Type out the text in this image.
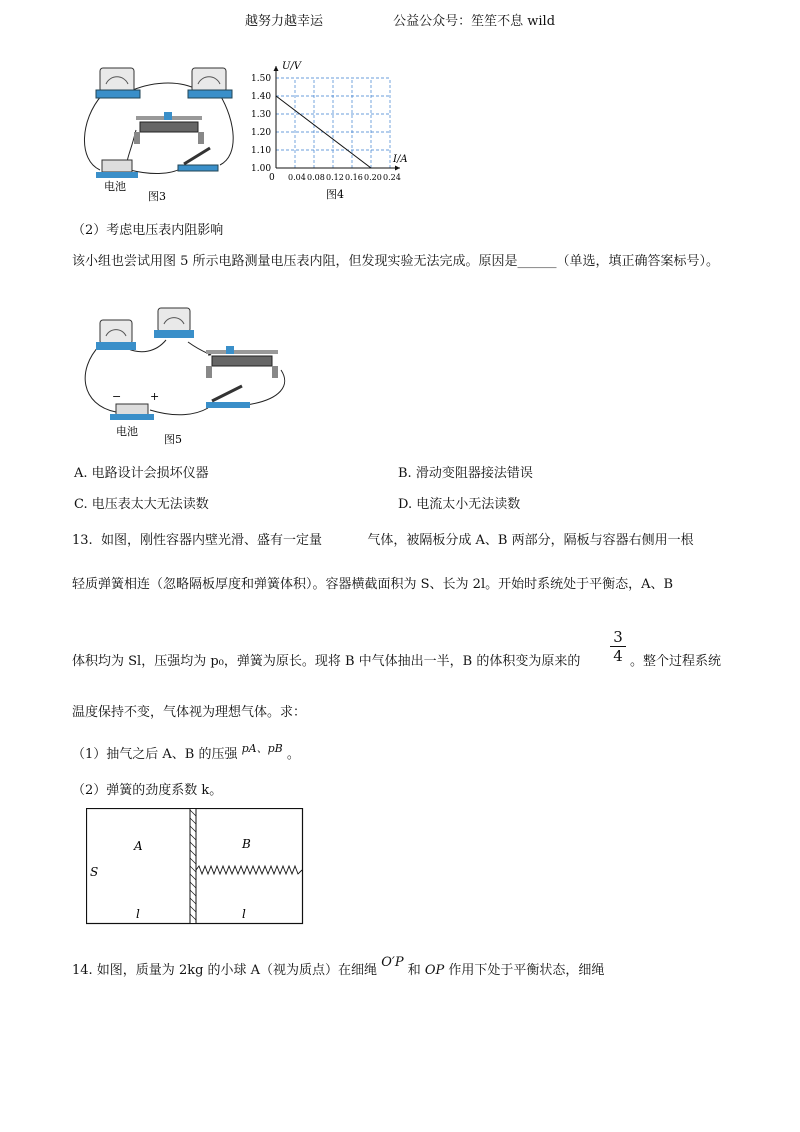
越努力越幸运	公益公众号：笙笙不息 wild
电池
图3
0.04 0.08 0.12 0.16 0.20 0.24
1.00
1.10
1.20
1.30
1.40
1.50
U/V
I/A
0
图4
（2）考虑电压表内阻影响
该小组也尝试用图 5 所示电路测量电压表内阻，但发现实验无法完成。原因是______（单选，填正确答案标号）。
−	+
电池
图5
A. 电路设计会损坏仪器	B. 滑动变阻器接法错误
C. 电压表太大无法读数	D. 电流太小无法读数
13.  如图，刚性容器内壁光滑、盛有一定量           气体，被隔板分成 A、B 两部分，隔板与容器右侧用一根
轻质弹簧相连（忽略隔板厚度和弹簧体积）。容器横截面积为 S、长为 2l。开始时系统处于平衡态，A、B
体积均为 Sl，压强均为 p₀，弹簧为原长。现将 B 中气体抽出一半，B 的体积变为原来的 $\frac{3}{4}$ 。整个过程系统
温度保持不变，气体视为理想气体。求：
（1）抽气之后 A、B 的压强 $^{pA、pB}$ 。
（2）弹簧的劲度系数 k。
A	B
S
l	l
14. 如图，质量为 2kg 的小球 A（视为质点）在细绳 O′P 和 OP 作用下处于平衡状态，细绳
